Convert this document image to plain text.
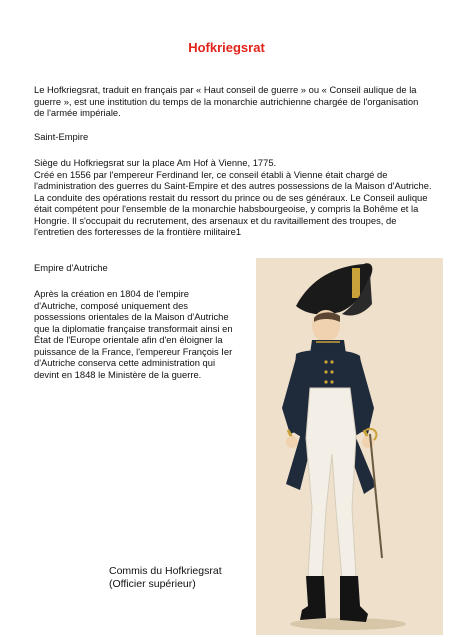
Hofkriegsrat

Le Hofkriegsrat, traduit en français par « Haut conseil de guerre » ou « Conseil aulique de la guerre », est une institution du temps de la monarchie autrichienne chargée de l'organisation de l'armée impériale.

Saint-Empire
Siège du Hofkriegsrat sur la place Am Hof à Vienne, 1775.
Créé en 1556 par l'empereur Ferdinand Ier, ce conseil établi à Vienne était chargé de l'administration des guerres du Saint-Empire et des autres possessions de la Maison d'Autriche. La conduite des opérations restait du ressort du prince ou de ses généraux. Le Conseil aulique était compétent pour l'ensemble de la monarchie habsbourgeoise, y compris la Bohême et la Hongrie. Il s'occupait du recrutement, des arsenaux et du ravitaillement des troupes, de l'entretien des forteresses de la frontière militaire1
Empire d'Autriche
Après la création en 1804 de l'empire d'Autriche, composé uniquement des possessions orientales de la Maison d'Autriche que la diplomatie française transformait ainsi en État de l'Europe orientale afin d'en éloigner la puissance de la France, l'empereur François Ier d'Autriche conserva cette administration qui devint en 1848 le Ministère de la guerre.
Commis du Hofkriegsrat
(Officier supérieur)
